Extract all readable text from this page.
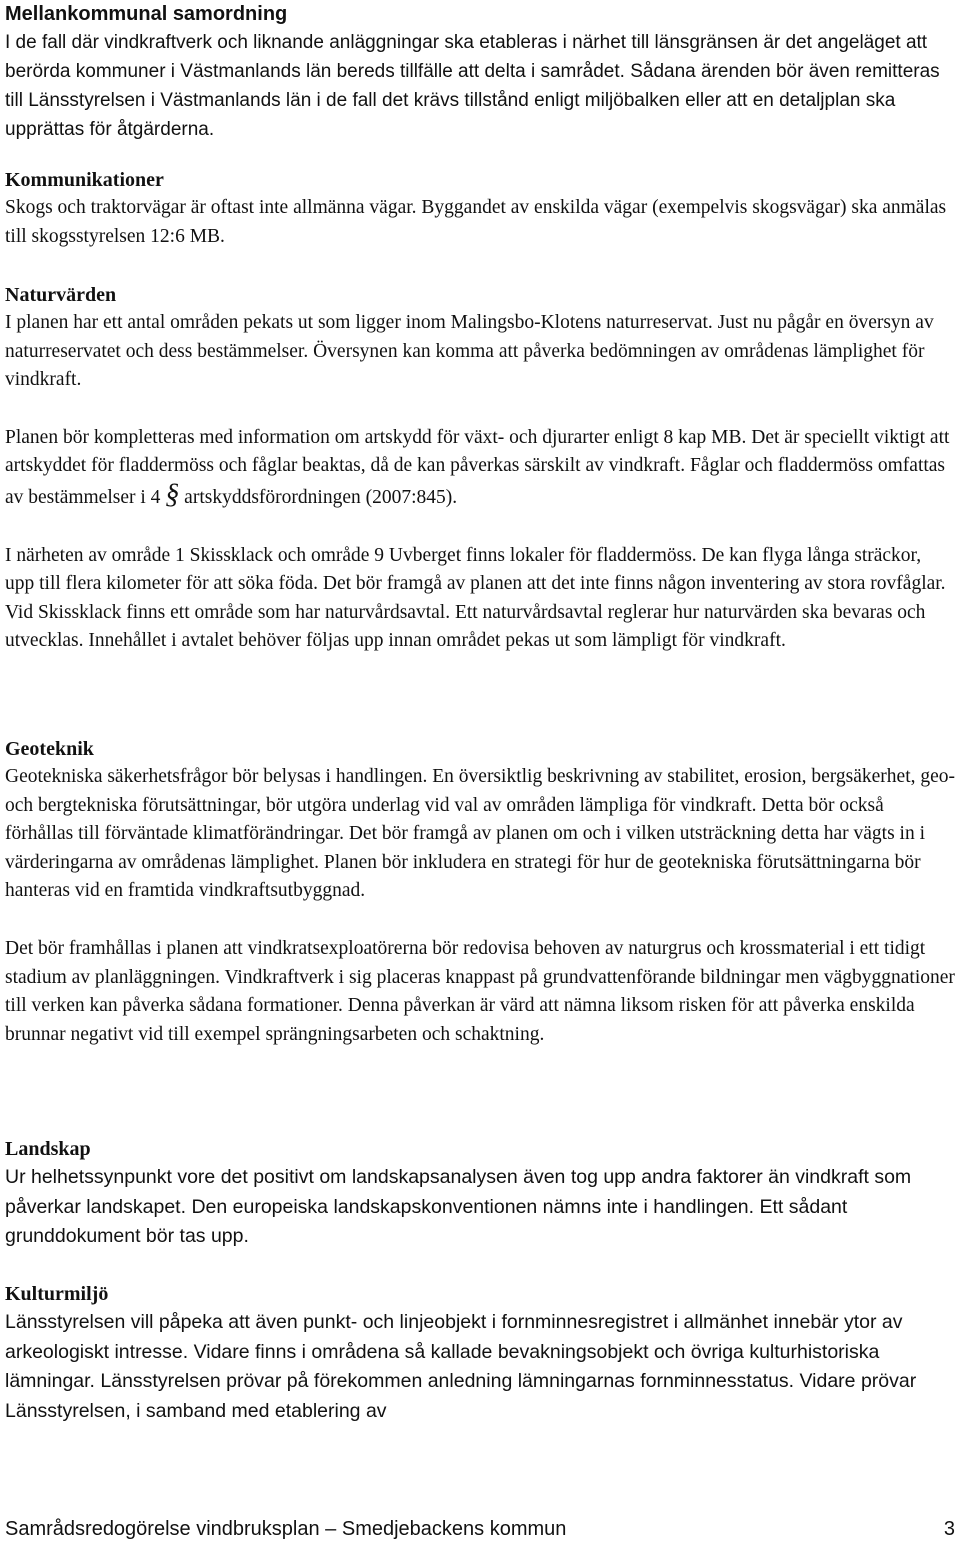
Mellankommunal samordning

I de fall där vindkraftverk och liknande anläggningar ska etableras i närhet till länsgränsen är det angeläget att berörda kommuner i Västmanlands län bereds tillfälle att delta i samrådet. Sådana ärenden bör även remitteras till Länsstyrelsen i Västmanlands län i de fall det krävs tillstånd enligt miljöbalken eller att en detaljplan ska upprättas för åtgärderna.

Kommunikationer

Skogs och traktorvägar är oftast inte allmänna vägar. Byggandet av enskilda vägar (exempelvis skogsvägar) ska anmälas till skogsstyrelsen 12:6 MB.

Naturvärden

I planen har ett antal områden pekats ut som ligger inom Malingsbo-Klotens naturreservat. Just nu pågår en översyn av naturreservatet och dess bestämmelser. Översynen kan komma att påverka bedömningen av områdenas lämplighet för vindkraft.

Planen bör kompletteras med information om artskydd för växt- och djurarter enligt 8 kap MB. Det är speciellt viktigt att artskyddet för fladdermöss och fåglar beaktas, då de kan påverkas särskilt av vindkraft. Fåglar och fladdermöss omfattas av bestämmelser i 4 § artskyddsförordningen (2007:845).

I närheten av område 1 Skissklack och område 9 Uvberget finns lokaler för fladdermöss. De kan flyga långa sträckor, upp till flera kilometer för att söka föda. Det bör framgå av planen att det inte finns någon inventering av stora rovfåglar. Vid Skissklack finns ett område som har naturvårdsavtal. Ett naturvårdsavtal reglerar hur naturvärden ska bevaras och utvecklas. Innehållet i avtalet behöver följas upp innan området pekas ut som lämpligt för vindkraft.

Geoteknik

Geotekniska säkerhetsfrågor bör belysas i handlingen. En översiktlig beskrivning av stabilitet, erosion, bergsäkerhet, geo- och bergtekniska förutsättningar, bör utgöra underlag vid val av områden lämpliga för vindkraft. Detta bör också förhållas till förväntade klimatförändringar. Det bör framgå av planen om och i vilken utsträckning detta har vägts in i värderingarna av områdenas lämplighet. Planen bör inkludera en strategi för hur de geotekniska förutsättningarna bör hanteras vid en framtida vindkraftsutbyggnad.

Det bör framhållas i planen att vindkratsexploatörerna bör redovisa behoven av naturgrus och krossmaterial i ett tidigt stadium av planläggningen. Vindkraftverk i sig placeras knappast på grundvattenförande bildningar men vägbyggnationer till verken kan påverka sådana formationer. Denna påverkan är värd att nämna liksom risken för att påverka enskilda brunnar negativt vid till exempel sprängningsarbeten och schaktning.

Landskap

Ur helhetssynpunkt vore det positivt om landskapsanalysen även tog upp andra faktorer än vindkraft som påverkar landskapet. Den europeiska landskapskonventionen nämns inte i handlingen. Ett sådant grunddokument bör tas upp.

Kulturmiljö

Länsstyrelsen vill påpeka att även punkt- och linjeobjekt i fornminnesregistret i allmänhet innebär ytor av arkeologiskt intresse. Vidare finns i områdena så kallade bevakningsobjekt och övriga kulturhistoriska lämningar. Länsstyrelsen prövar på förekommen anledning lämningarnas fornminnesstatus. Vidare prövar Länsstyrelsen, i samband med etablering av

Samrådsredogörelse vindbruksplan – Smedjebackens kommun	3
